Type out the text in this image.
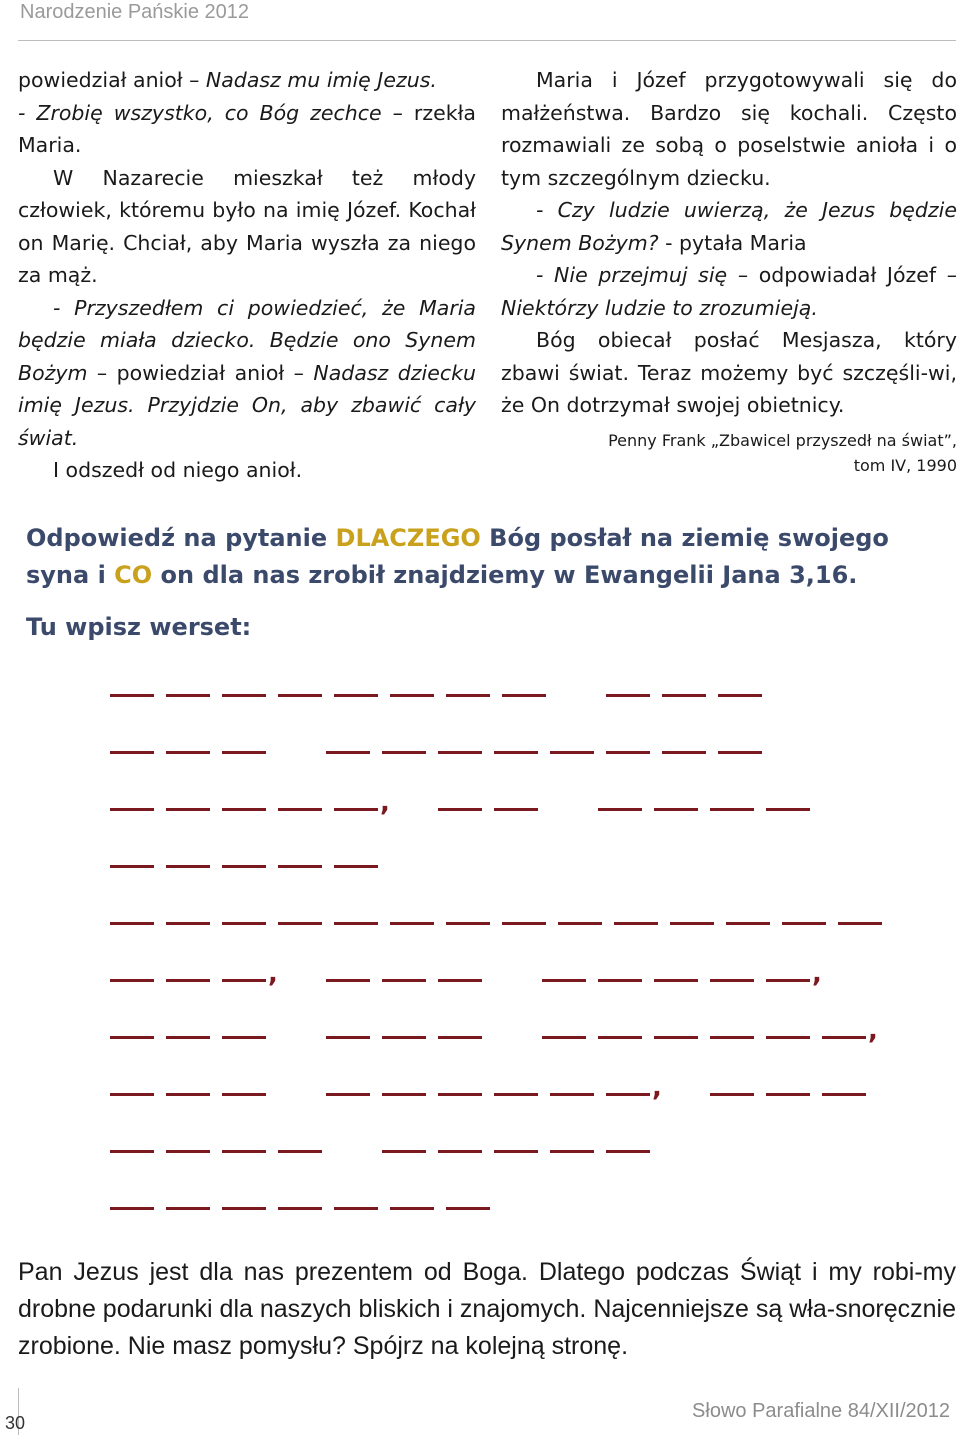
Narodzenie Pańskie 2012

powiedział anioł – Nadasz mu imię Jezus.

- Zrobię wszystko, co Bóg zechce – rzekła Maria.

W Nazarecie mieszkał też młody człowiek, któremu było na imię Józef. Kochał on Marię. Chciał, aby Maria wyszła za niego za mąż.

- Przyszedłem ci powiedzieć, że Maria będzie miała dziecko. Będzie ono Synem Bożym – powiedział anioł – Nadasz dziecku imię Jezus. Przyjdzie On, aby zbawić cały świat.

I odszedł od niego anioł.

Maria i Józef przygotowywali się do małżeństwa. Bardzo się kochali. Często rozmawiali ze sobą o poselstwie anioła i o tym szczególnym dziecku.

- Czy ludzie uwierzą, że Jezus będzie Synem Bożym? - pytała Maria

- Nie przejmuj się – odpowiadał Józef – Niektórzy ludzie to zrozumieją.

Bóg obiecał posłać Mesjasza, który zbawi świat. Teraz możemy być szczęśli-wi, że On dotrzymał swojej obietnicy.

Penny Frank „Zbawicel przyszedł na świat”,
tom IV, 1990
Odpowiedź na pytanie DLACZEGO Bóg posłał na ziemię swojego syna i CO on dla nas zrobił znajdziemy w Ewangelii Jana 3,16.
Tu wpisz werset:
,
,	,
,
,
Pan Jezus jest dla nas prezentem od Boga. Dlatego podczas Świąt i my robi-my drobne podarunki dla naszych bliskich i znajomych. Najcenniejsze są wła-snoręcznie zrobione. Nie masz pomysłu? Spójrz na kolejną stronę.
30
Słowo Parafialne 84/XII/2012
